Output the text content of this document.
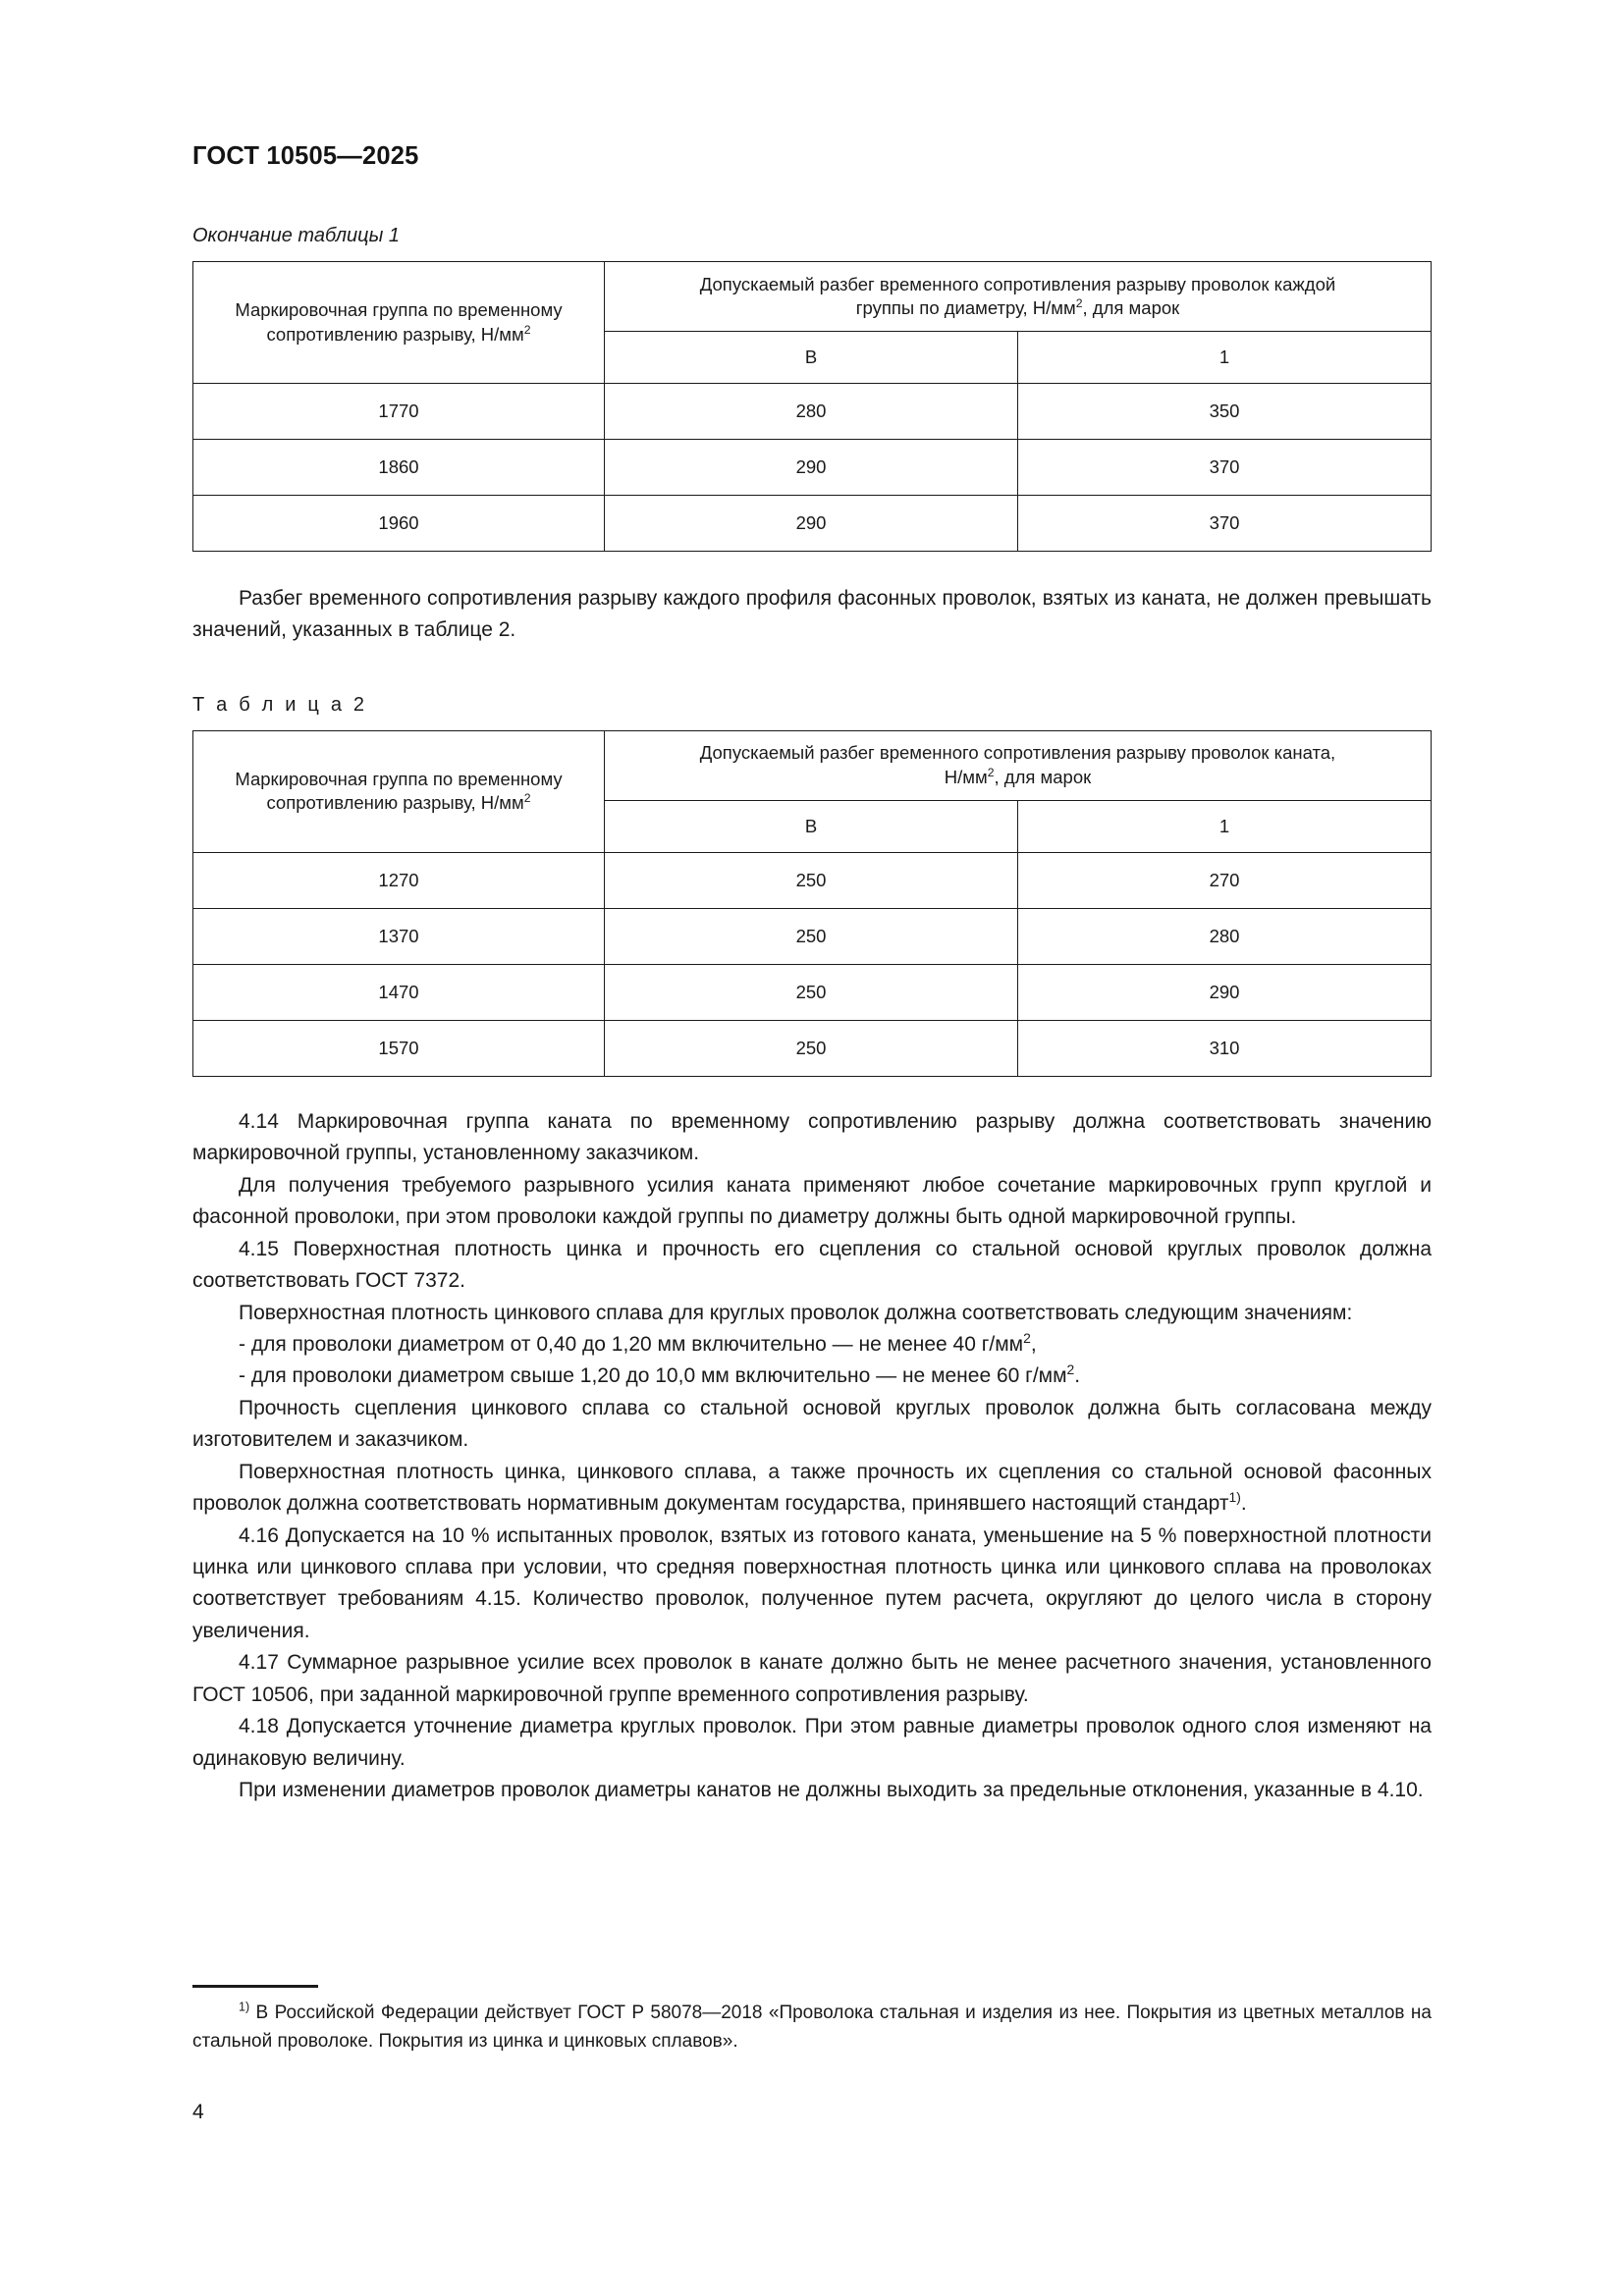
ГОСТ 10505—2025
Окончание таблицы 1
Маркировочная группа по временному сопротивлению разрыву, $Н/мм^2$	Допускаемый разбег временного сопротивления разрыву проволок каждой
группы по диаметру, $Н/мм^2$, для марок	
	В	1
1770	280	350
1860	290	370
1960	290	370

Разбег временного сопротивления разрыву каждого профиля фасонных проволок, взятых из каната, не должен превышать значений, указанных в таблице 2.

Т а б л и ц а 2
Маркировочная группа по временному сопротивлению разрыву, $Н/мм^2$	Допускаемый разбег временного сопротивления разрыву проволок каната,
$Н/мм^2$, для марок	
	В	1
1270	250	270
1370	250	280
1470	250	290
1570	250	310

4.14 Маркировочная группа каната по временному сопротивлению разрыву должна соответствовать значению маркировочной группы, установленному заказчиком.

Для получения требуемого разрывного усилия каната применяют любое сочетание маркировочных групп круглой и фасонной проволоки, при этом проволоки каждой группы по диаметру должны быть одной маркировочной группы.

4.15 Поверхностная плотность цинка и прочность его сцепления со стальной основой круглых проволок должна соответствовать ГОСТ 7372.

Поверхностная плотность цинкового сплава для круглых проволок должна соответствовать следующим значениям:

- для проволоки диаметром от 0,40 до 1,20 мм включительно — не менее 40 $г/мм^2$,

- для проволоки диаметром свыше 1,20 до 10,0 мм включительно — не менее 60 $г/мм^2$.

Прочность сцепления цинкового сплава со стальной основой круглых проволок должна быть согласована между изготовителем и заказчиком.

Поверхностная плотность цинка, цинкового сплава, а также прочность их сцепления со стальной основой фасонных проволок должна соответствовать нормативным документам государства, принявшего настоящий стандарт$^{1)}$.

4.16 Допускается на 10 % испытанных проволок, взятых из готового каната, уменьшение на 5 % поверхностной плотности цинка или цинкового сплава при условии, что средняя поверхностная плотность цинка или цинкового сплава на проволоках соответствует требованиям 4.15. Количество проволок, полученное путем расчета, округляют до целого числа в сторону увеличения.

4.17 Суммарное разрывное усилие всех проволок в канате должно быть не менее расчетного значения, установленного ГОСТ 10506, при заданной маркировочной группе временного сопротивления разрыву.

4.18 Допускается уточнение диаметра круглых проволок. При этом равные диаметры проволок одного слоя изменяют на одинаковую величину.

При изменении диаметров проволок диаметры канатов не должны выходить за предельные отклонения, указанные в 4.10.

$^{1)}$ В Российской Федерации действует ГОСТ Р 58078—2018 «Проволока стальная и изделия из нее. Покрытия из цветных металлов на стальной проволоке. Покрытия из цинка и цинковых сплавов».

4
